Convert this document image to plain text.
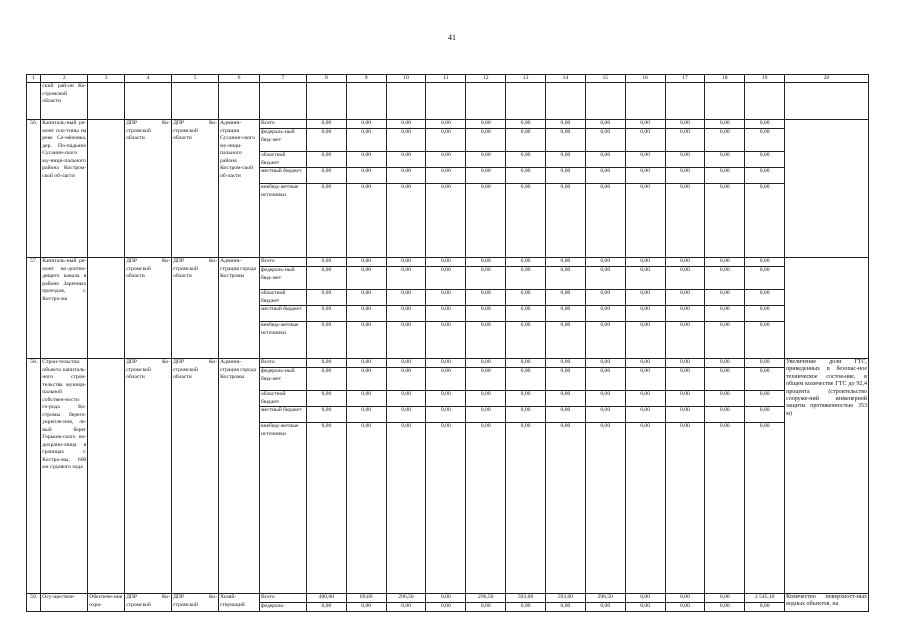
41
1	2	3	4	5	6	7	8	9	10	11	12	13	14	15	16	17	18	19	20
	ский рай-он Ко-стромской области																		
56.	Капиталь-ный ре-монт пло-тины на реке Се-мёновка, дер. По-падьино Сусанин-ского му-ници-пального района Костром-ской об-ласти		ДПР Ко-стромской области	ДПР Ко-стромской области	Админи-страция Сусанин-ского му-ници-пального района Костром-ской об-ласти	Всего	0,00	0,00	0,00	0,00	0,00	0,00	0,00	0,00	0,00	0,00	0,00	0,00	
						федераль-ный бюд-жет	0,00	0,00	0,00	0,00	0,00	0,00	0,00	0,00	0,00	0,00	0,00	0,00	
						областной бюджет	0,00	0,00	0,00	0,00	0,00	0,00	0,00	0,00	0,00	0,00	0,00	0,00	
						местный бюджет	0,00	0,00	0,00	0,00	0,00	0,00	0,00	0,00	0,00	0,00	0,00	0,00	
						внебюд-жетные источники	0,00	0,00	0,00	0,00	0,00	0,00	0,00	0,00	0,00	0,00	0,00	0,00	
57.	Капиталь-ный ре-монт во-доотво-дящего канала в районе Заречных проездов, г. Костро-ма		ДПР Ко-стромской области	ДПР Ко-стромской области	Админи-страция города Костромы	Всего	0,00	0,00	0,00	0,00	0,00	0,00	0,00	0,00	0,00	0,00	0,00	0,00	
						федераль-ный бюд-жет	0,00	0,00	0,00	0,00	0,00	0,00	0,00	0,00	0,00	0,00	0,00	0,00	
						областной бюджет	0,00	0,00	0,00	0,00	0,00	0,00	0,00	0,00	0,00	0,00	0,00	0,00	
						местный бюджет	0,00	0,00	0,00	0,00	0,00	0,00	0,00	0,00	0,00	0,00	0,00	0,00	
						внебюд-жетные источники	0,00	0,00	0,00	0,00	0,00	0,00	0,00	0,00	0,00	0,00	0,00	0,00	
58.	Строи-тельство объекта капиталь-ного строи-тельства муници-пальной собствен-ности го-рода Ко-стромы берего-укрепле-ния, ле-вый берег Горьков-ского во-дохрани-лища в границах г. Костро-мы, 600 км судового хода		ДПР Ко-стромской области	ДПР Ко-стромской области	Админи-страция города Костромы	Всего	0,00	0,00	0,00	0,00	0,00	0,00	0,00	0,00	0,00	0,00	0,00	0,00	Увеличение доли ГТС, приведенных в безопас-ное техническое состоя-ние, в общем количестве ГТС до 92,4 процента (строительство сооруже-ний инженерной защиты протяженностью 353 м)
						федераль-ный бюд-жет	0,00	0,00	0,00	0,00	0,00	0,00	0,00	0,00	0,00	0,00	0,00	0,00	
						областной бюджет	0,00	0,00	0,00	0,00	0,00	0,00	0,00	0,00	0,00	0,00	0,00	0,00	
						местный бюджет	0,00	0,00	0,00	0,00	0,00	0,00	0,00	0,00	0,00	0,00	0,00	0,00	
						внебюд-жетные источники	0,00	0,00	0,00	0,00	0,00	0,00	0,00	0,00	0,00	0,00	0,00	0,00	
59.	Осу-ществле-	Обеспече-ние охра-	ДПР Ко-стромской	ДПР Ко-стромской	Хозяй-ствующий	Всего	400,00	69,60	296,50	0,00	296,50	593,00	593,00	296,50	0,00	0,00	0,00	2 545,10	Количество поверхност-ных водных объектов, на
						федераль-	0,00	0,00	0,00	0,00	0,00	0,00	0,00	0,00	0,00	0,00	0,00	0,00	
